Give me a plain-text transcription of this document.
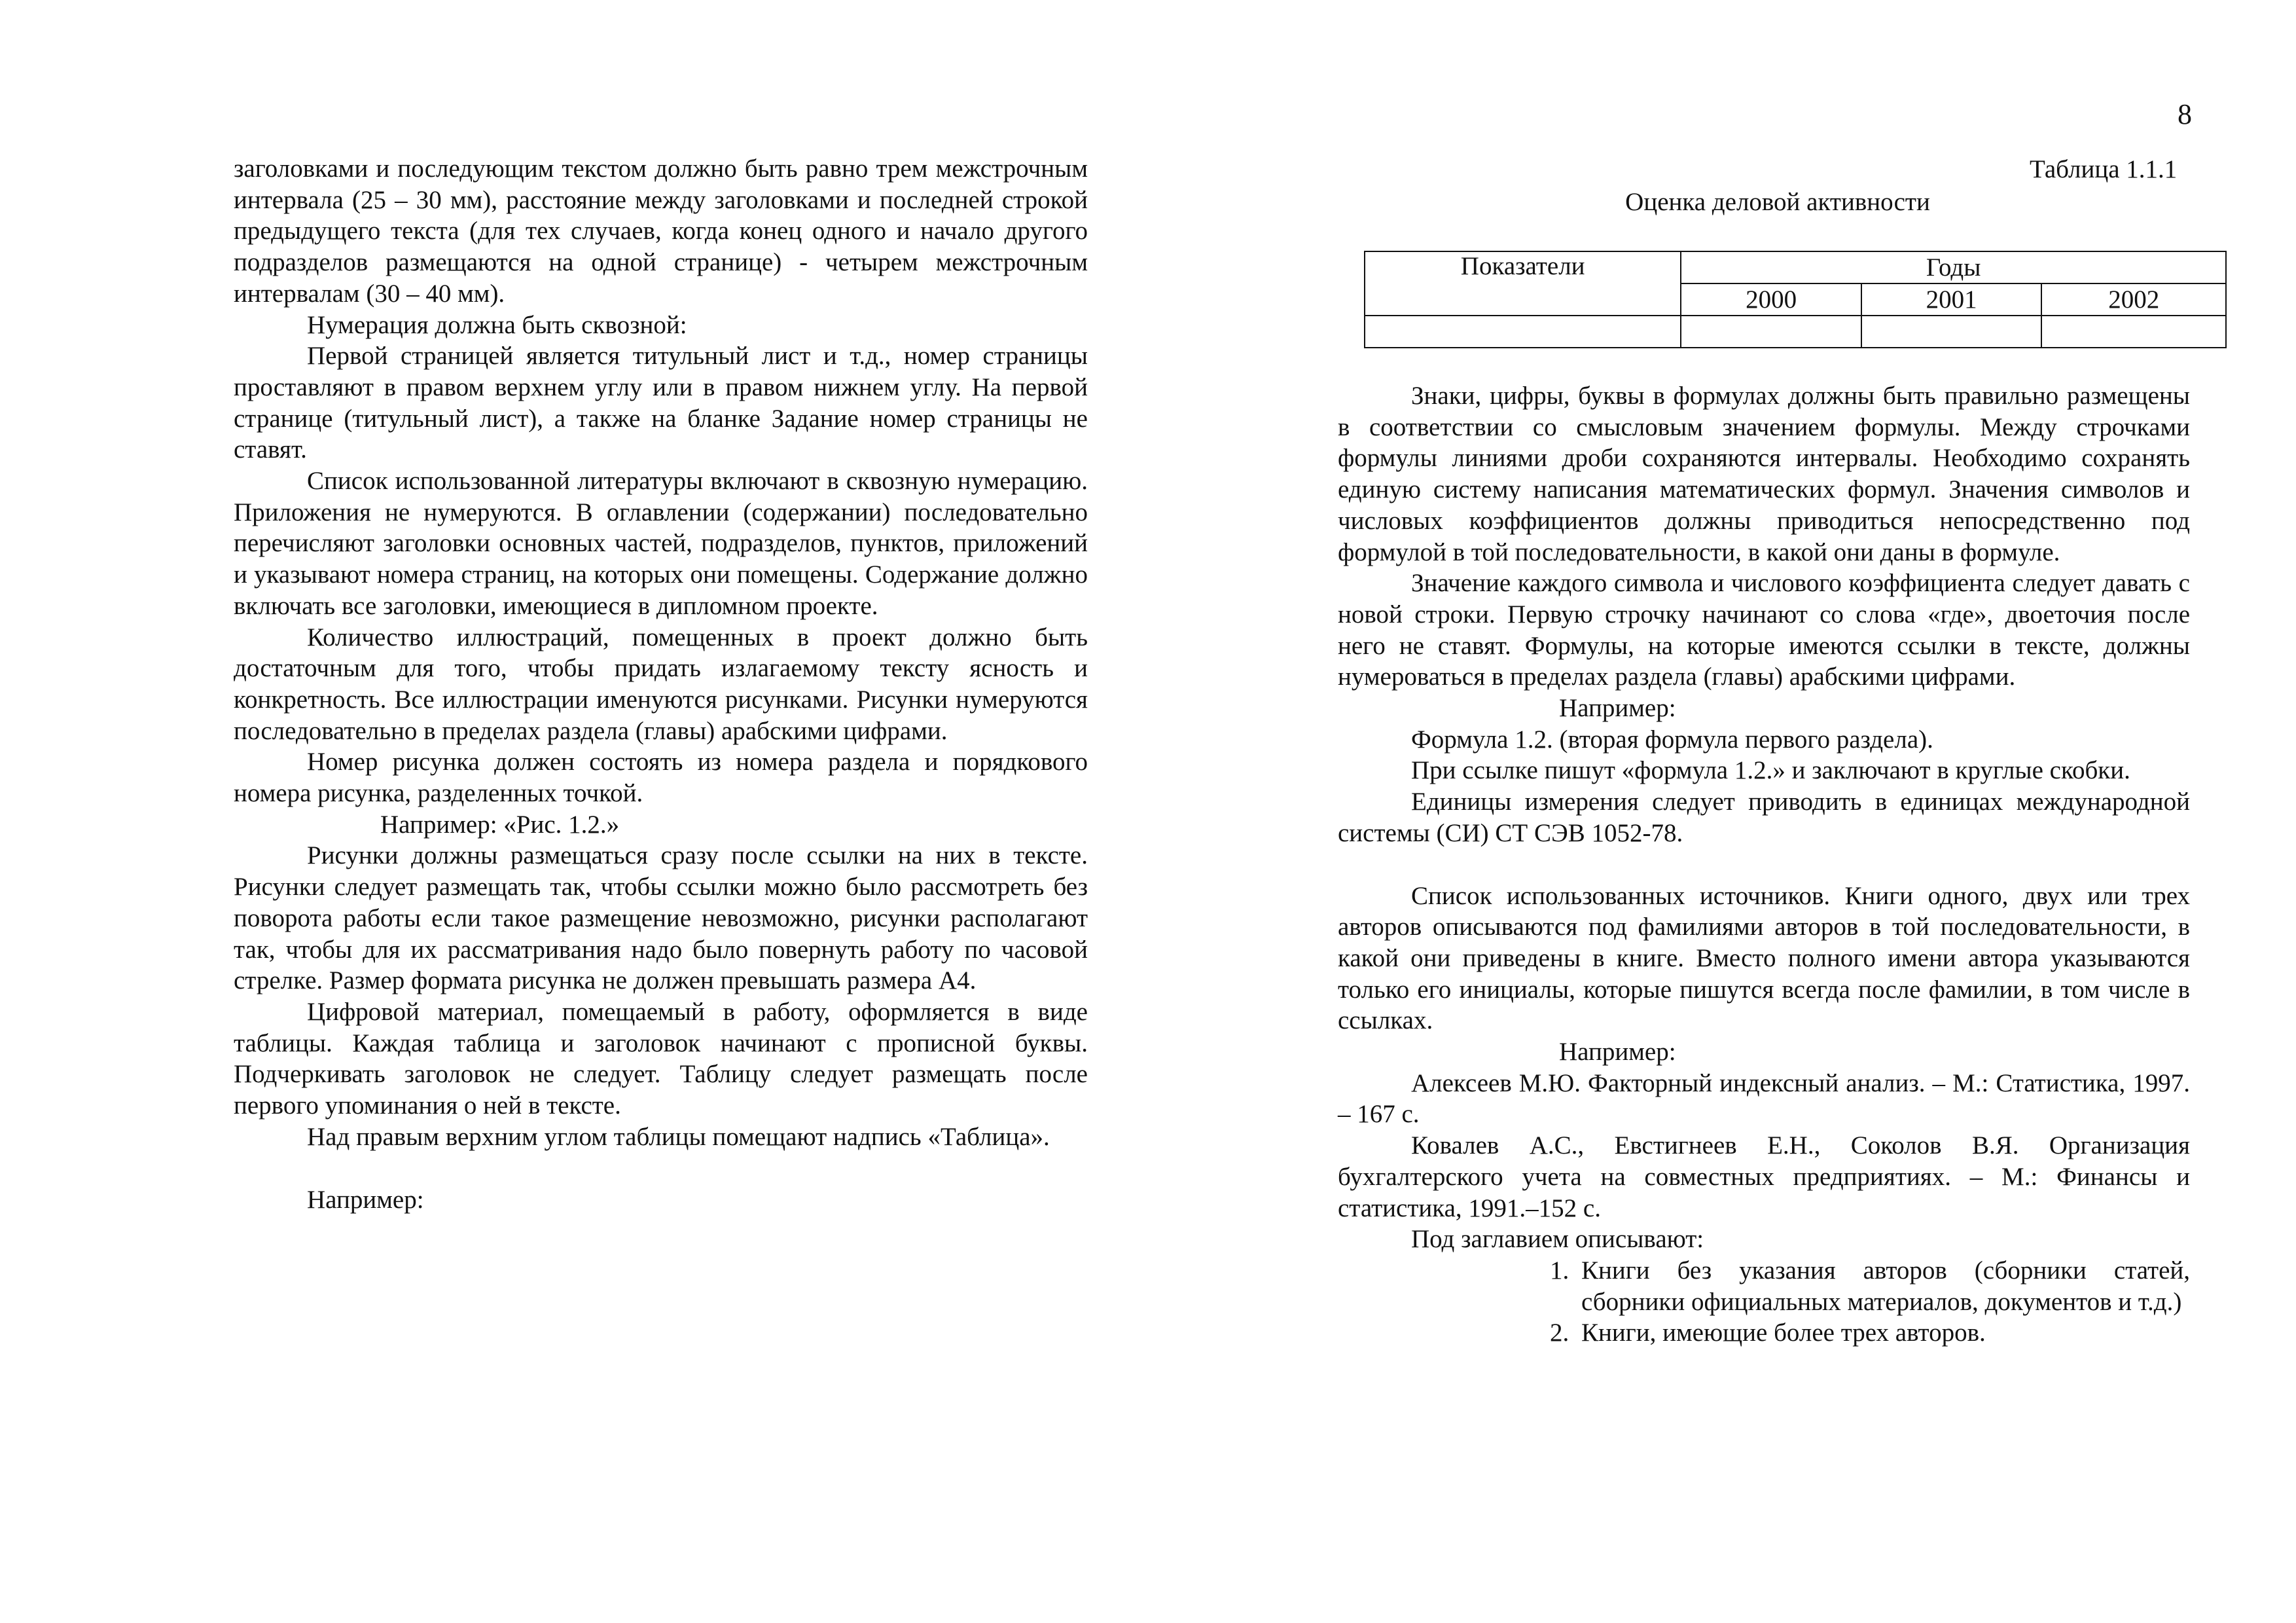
заголовками и последующим текстом должно быть равно трем межстрочным интервала (25 – 30 мм), расстояние между заголовками и последней строкой предыдущего текста (для тех случаев, когда конец одного и начало другого подразделов размещаются на одной странице) - четырем межстрочным интервалам (30 – 40 мм).

Нумерация должна быть сквозной:

Первой страницей является титульный лист и т.д., номер страницы проставляют в правом верхнем углу или в правом нижнем углу. На первой странице (титульный лист), а также на бланке Задание номер страницы не ставят.

Список использованной литературы включают в сквозную нумерацию. Приложения не нумеруются. В оглавлении (содержании) последовательно перечисляют заголовки основных частей, подразделов, пунктов, приложений и указывают номера страниц, на которых они помещены. Содержание должно включать все заголовки, имеющиеся в дипломном проекте.

Количество иллюстраций, помещенных в проект должно быть достаточным для того, чтобы придать излагаемому тексту ясность и конкретность. Все иллюстрации именуются рисунками. Рисунки нумеруются последовательно в пределах раздела (главы) арабскими цифрами.

Номер рисунка должен состоять из номера раздела и порядкового номера рисунка, разделенных точкой.

Например: «Рис. 1.2.»

Рисунки должны размещаться сразу после ссылки на них в тексте. Рисунки следует размещать так, чтобы ссылки можно было рассмотреть без поворота работы если такое размещение невозможно, рисунки располагают так, чтобы для их рассматривания надо было повернуть работу по часовой стрелке. Размер формата рисунка не должен превышать размера А4.

Цифровой материал, помещаемый в работу, оформляется в виде таблицы. Каждая таблица и заголовок начинают с прописной буквы. Подчеркивать заголовок не следует. Таблицу следует размещать после первого упоминания о ней в тексте.

Над правым верхним углом таблицы помещают надпись «Таблица».

Например:

8
Таблица 1.1.1
Оценка деловой активности
Показатели	Годы		
	2000	2001	2002

Знаки, цифры, буквы в формулах должны быть правильно размещены в соответствии со смысловым значением формулы. Между строчками формулы линиями дроби сохраняются интервалы. Необходимо сохранять единую систему написания математических формул. Значения символов и числовых коэффициентов должны приводиться непосредственно под формулой в той последовательности, в какой они даны в формуле.

Значение каждого символа и числового коэффициента следует давать с новой строки. Первую строчку начинают со слова «где», двоеточия после него не ставят. Формулы, на которые имеются ссылки в тексте, должны нумероваться в пределах раздела (главы) арабскими цифрами.

Например:

Формула 1.2. (вторая формула первого раздела).

При ссылке пишут «формула 1.2.» и заключают в круглые скобки.

Единицы измерения следует приводить в единицах международной системы (СИ) СТ СЭВ 1052-78.

Список использованных источников. Книги одного, двух или трех авторов описываются под фамилиями авторов в той последовательности, в какой они приведены в книге. Вместо полного имени автора указываются только его инициалы, которые пишутся всегда после фамилии, в том числе в ссылках.

Например:

Алексеев М.Ю. Факторный индексный анализ. – М.: Статистика, 1997. – 167 с.

Ковалев А.С., Евстигнеев Е.Н., Соколов В.Я. Организация бухгалтерского учета на совместных предприятиях. – М.: Финансы и статистика, 1991.–152 с.

Под заглавием описывают:

1. Книги без указания авторов (сборники статей, сборники официальных материалов, документов и т.д.)
2. Книги, имеющие более трех авторов.
